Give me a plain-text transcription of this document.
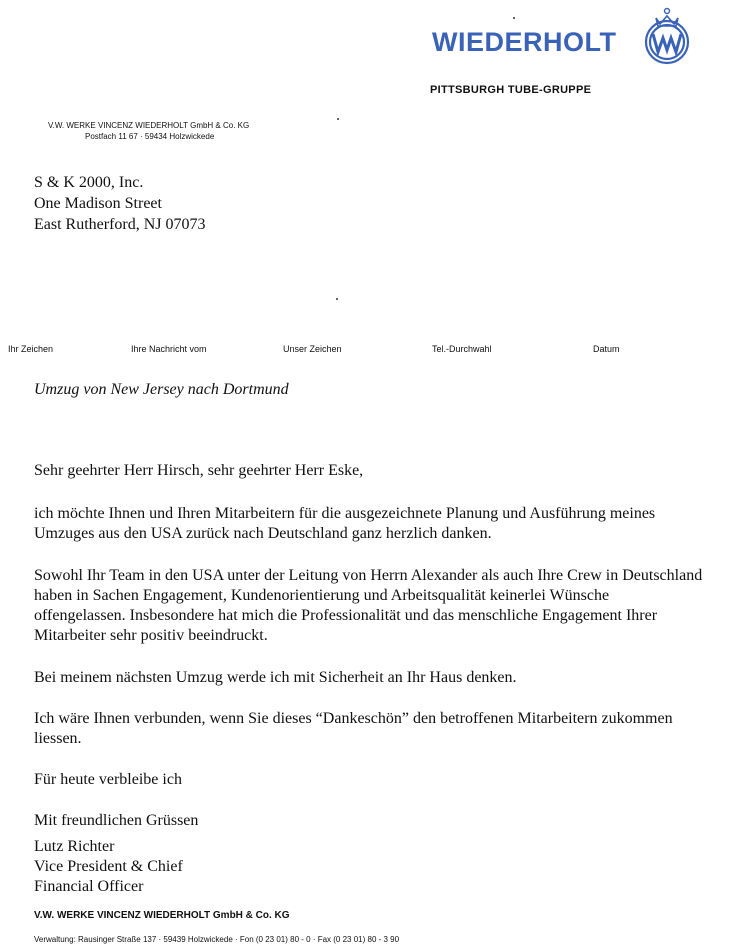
WIEDERHOLT
PITTSBURGH TUBE-GRUPPE
V.W. WERKE VINCENZ WIEDERHOLT GmbH & Co. KG
Postfach 11 67 · 59434 Holzwickede
S & K 2000, Inc.
One Madison Street
East Rutherford, NJ 07073
Ihr Zeichen	Ihre Nachricht vom	Unser Zeichen	Tel.-Durchwahl	Datum
Umzug von New Jersey nach Dortmund

Sehr geehrter Herr Hirsch, sehr geehrter Herr Eske,

ich möchte Ihnen und Ihren Mitarbeitern für die ausgezeichnete Planung und Ausführung meines Umzuges aus den USA zurück nach Deutschland ganz herzlich danken.

Sowohl Ihr Team in den USA unter der Leitung von Herrn Alexander als auch Ihre Crew in Deutschland haben in Sachen Engagement, Kundenorientierung und Arbeitsqualität keinerlei Wünsche offengelassen. Insbesondere hat mich die Professionalität und das menschliche Engagement Ihrer Mitarbeiter sehr positiv beeindruckt.

Bei meinem nächsten Umzug werde ich mit Sicherheit an Ihr Haus denken.

Ich wäre Ihnen verbunden, wenn Sie dieses “Dankeschön” den betroffenen Mitarbeitern zukommen liessen.

Für heute verbleibe ich

Mit freundlichen Grüssen

Lutz Richter

Vice President & Chief

Financial Officer

V.W. WERKE VINCENZ WIEDERHOLT GmbH & Co. KG
Verwaltung: Rausinger Straße 137 · 59439 Holzwickede · Fon (0 23 01) 80 - 0 · Fax (0 23 01) 80 - 3 90
